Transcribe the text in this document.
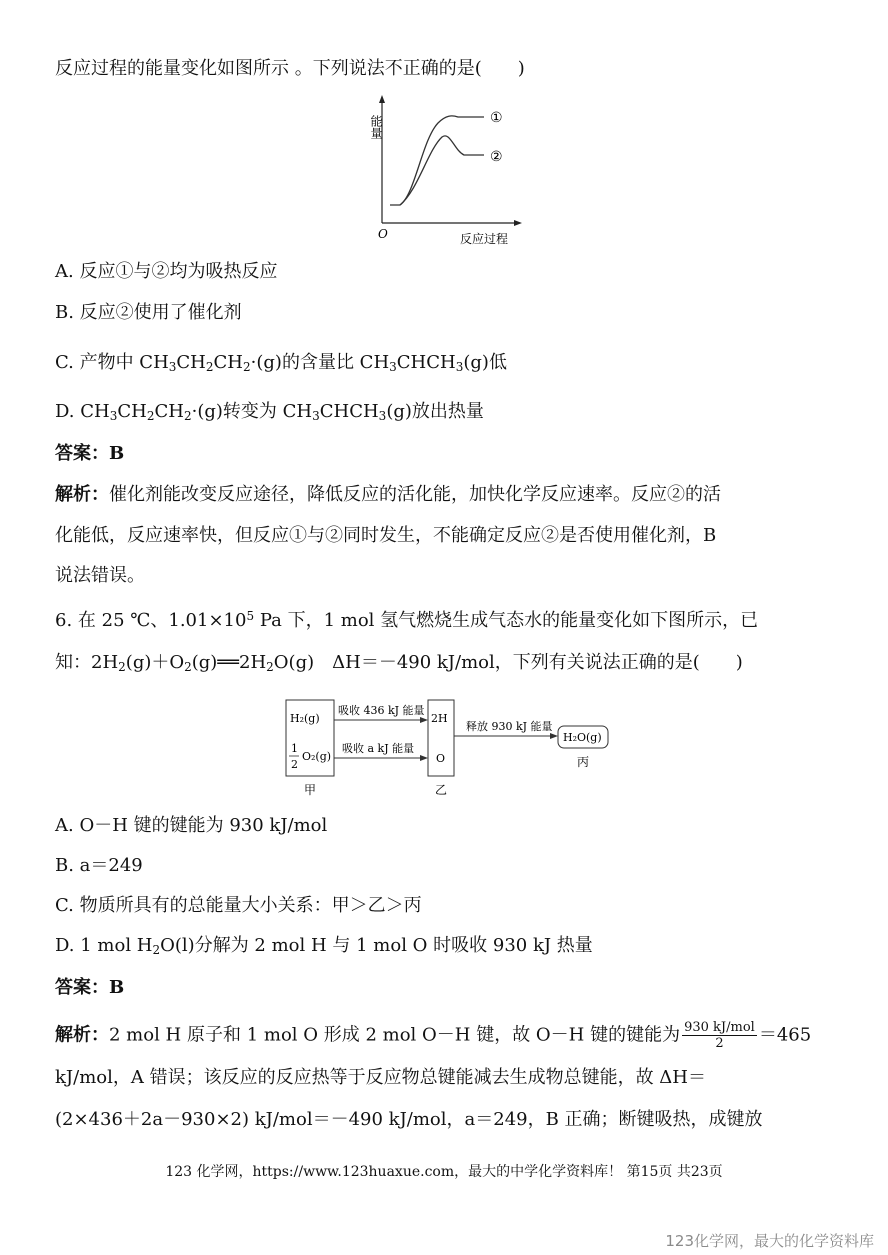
反应过程的能量变化如图所示 。下列说法不正确的是(　　)
能量
O	反应过程
①
②
A. 反应①与②均为吸热反应
B. 反应②使用了催化剂
C. 产物中 $CH_3CH_2CH_2\cdot(g)$的含量比 $CH_3CHCH_3(g)$低
D. $CH_3CH_2CH_2\cdot(g)$转变为 $CH_3CHCH_3(g)$放出热量
答案：B
解析：催化剂能改变反应途径，降低反应的活化能，加快化学反应速率。反应②的活
化能低，反应速率快，但反应①与②同时发生，不能确定反应②是否使用催化剂，B
说法错误。
6. 在 25 ℃、$1.01\times 10^5$ Pa 下，1 mol 氢气燃烧生成气态水的能量变化如下图所示，已
知：$2H_2(g)+O_2(g)══2H_2O(g)$　ΔH＝－490 kJ/mol，下列有关说法正确的是(　　)
H₂(g)
1
2
O₂(g)
吸收 436 kJ 能量
吸收 a kJ 能量
2H
O
释放 930 kJ 能量
H₂O(g)
甲	乙
丙
A. O－H 键的键能为 930 kJ/mol
B. a＝249
C. 物质所具有的总能量大小关系：甲＞乙＞丙
D. 1 mol $H_2O(l)$分解为 2 mol H 与 1 mol O 时吸收 930 kJ 热量
答案：B
解析：2 mol H 原子和 1 mol O 形成 2 mol O－H 键，故 O－H 键的键能为 $\frac{\text{930 kJ/mol}}{2} =465$
kJ/mol，A 错误；该反应的反应热等于反应物总键能减去生成物总键能，故 ΔH＝
(2×436＋2a－930×2) kJ/mol＝－490 kJ/mol，a＝249，B 正确；断键吸热，成键放
123 化学网，https://www.123huaxue.com，最大的中学化学资料库！ 第15页 共23页
123化学网，最大的化学资料库
